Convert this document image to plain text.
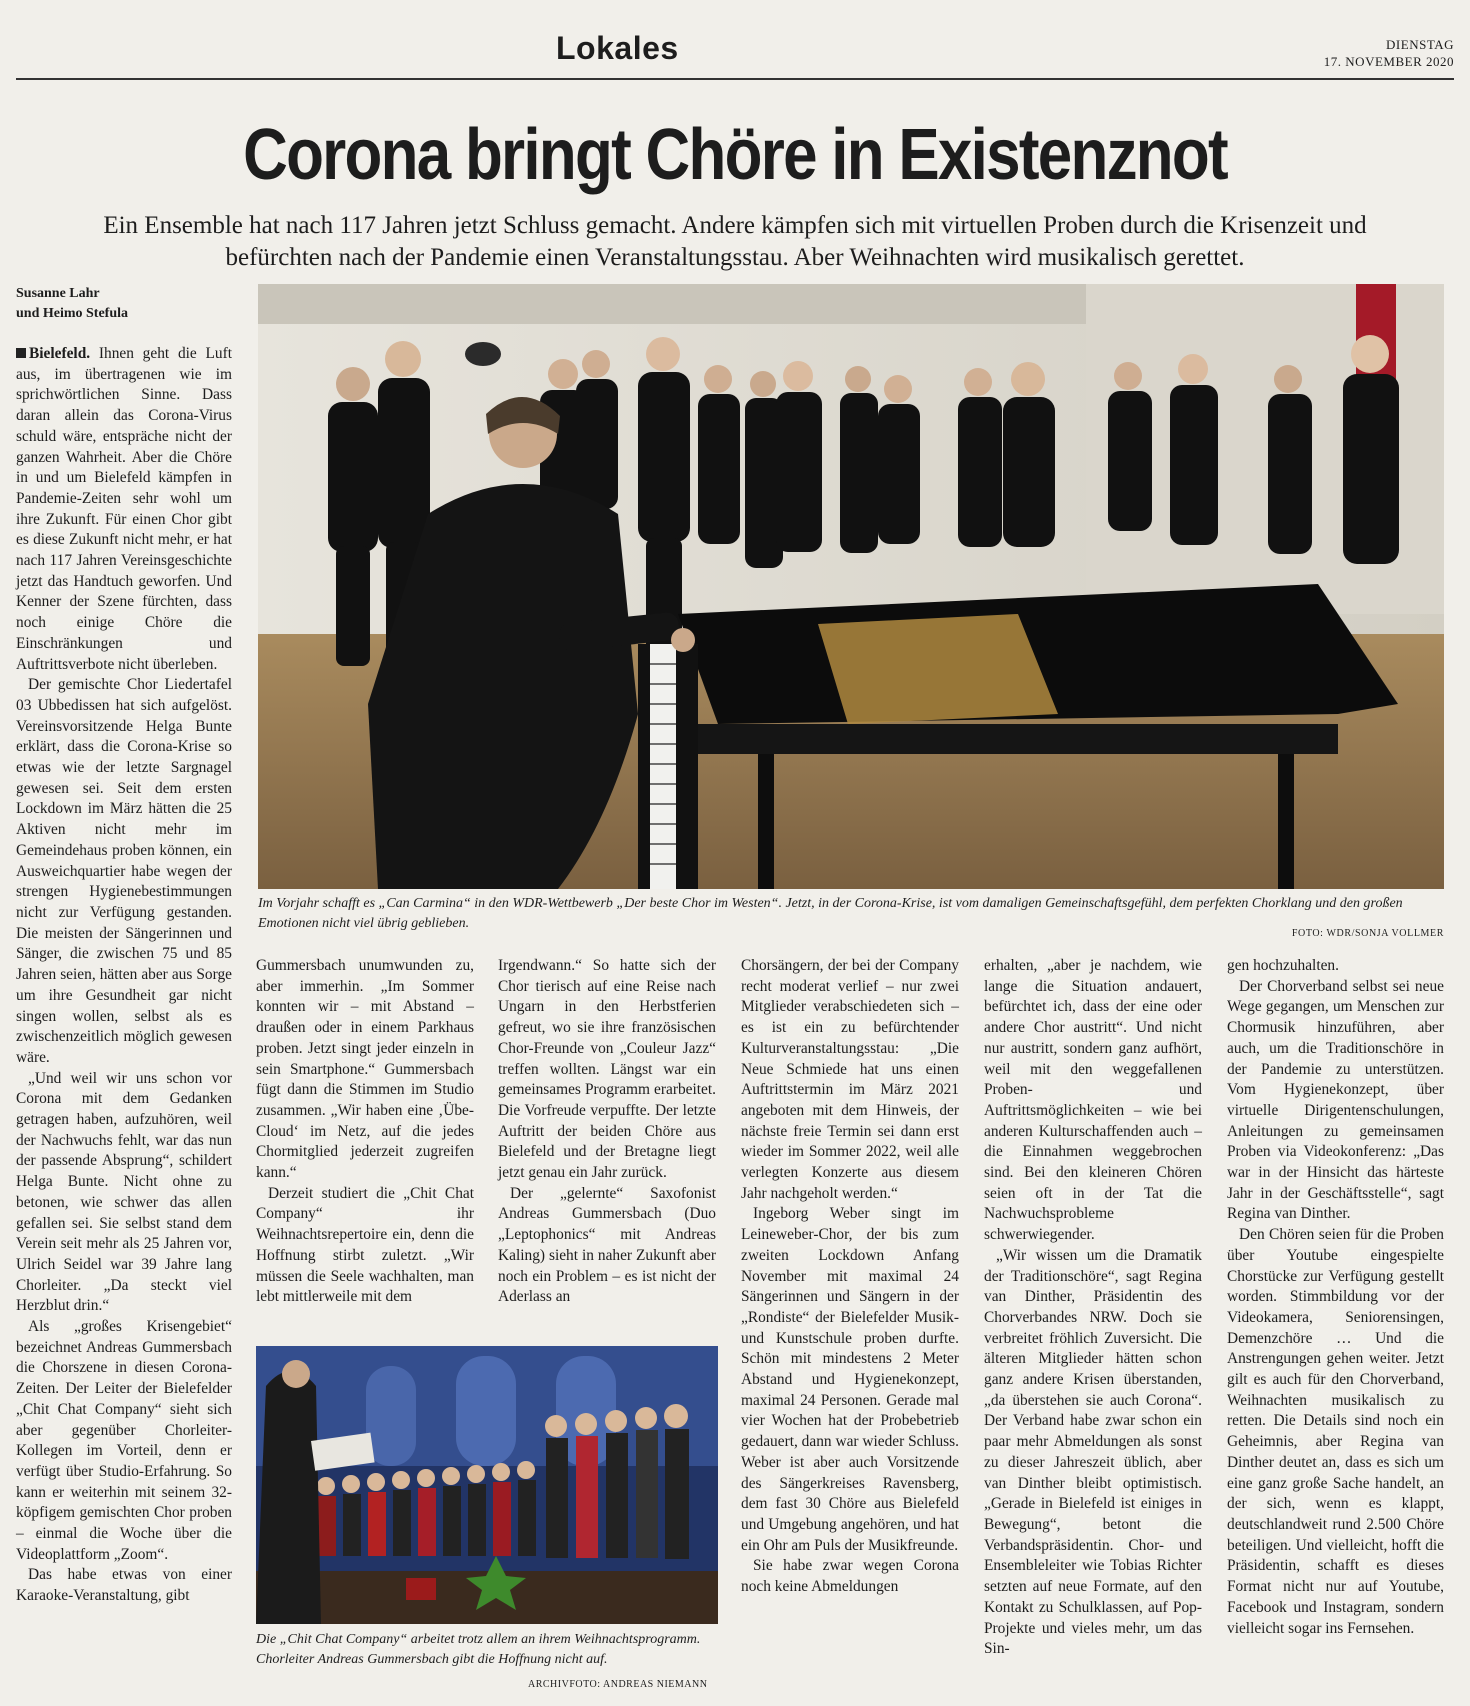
Lokales	DIENSTAG
17. NOVEMBER 2020
Corona bringt Chöre in Existenznot
Ein Ensemble hat nach 117 Jahren jetzt Schluss gemacht. Andere kämpfen sich mit virtuellen Proben durch die Krisenzeit und
befürchten nach der Pandemie einen Veranstaltungsstau. Aber Weihnachten wird musikalisch gerettet.
Susanne Lahr
und Heimo Stefula
Im Vorjahr schafft es „Can Carmina“ in den WDR-Wettbewerb „Der beste Chor im Westen“. Jetzt, in der Corona-Krise, ist vom damaligen Gemeinschaftsgefühl, dem perfekten Chorklang und den großen Emotionen nicht viel übrig geblieben.
FOTO: WDR/SONJA VOLLMER

Bielefeld. Ihnen geht die Luft aus, im übertragenen wie im sprichwörtlichen Sinne. Dass daran allein das Corona-Virus schuld wäre, entspräche nicht der ganzen Wahrheit. Aber die Chöre in und um Bielefeld kämpfen in Pandemie-Zeiten sehr wohl um ihre Zukunft. Für einen Chor gibt es diese Zukunft nicht mehr, er hat nach 117 Jahren Vereinsgeschichte jetzt das Handtuch geworfen. Und Kenner der Szene fürchten, dass noch einige Chöre die Einschränkungen und Auftrittsverbote nicht überleben.

Der gemischte Chor Liedertafel 03 Ubbedissen hat sich aufgelöst. Vereinsvorsitzende Helga Bunte erklärt, dass die Corona-Krise so etwas wie der letzte Sargnagel gewesen sei. Seit dem ersten Lockdown im März hätten die 25 Aktiven nicht mehr im Gemeindehaus proben können, ein Ausweichquartier habe wegen der strengen Hygienebestimmungen nicht zur Verfügung gestanden. Die meisten der Sängerinnen und Sänger, die zwischen 75 und 85 Jahren seien, hätten aber aus Sorge um ihre Gesundheit gar nicht singen wollen, selbst als es zwischenzeitlich möglich gewesen wäre.

„Und weil wir uns schon vor Corona mit dem Gedanken getragen haben, aufzuhören, weil der Nachwuchs fehlt, war das nun der passende Absprung“, schildert Helga Bunte. Nicht ohne zu betonen, wie schwer das allen gefallen sei. Sie selbst stand dem Verein seit mehr als 25 Jahren vor, Ulrich Seidel war 39 Jahre lang Chorleiter. „Da steckt viel Herzblut drin.“

Als „großes Krisengebiet“ bezeichnet Andreas Gummersbach die Chorszene in diesen Corona-Zeiten. Der Leiter der Bielefelder „Chit Chat Company“ sieht sich aber gegenüber Chorleiter-Kollegen im Vorteil, denn er verfügt über Studio-Erfahrung. So kann er weiterhin mit seinem 32-köpfigem gemischten Chor proben – einmal die Woche über die Videoplattform „Zoom“.

Das habe etwas von einer Karaoke-Veranstaltung, gibt

Gummersbach unumwunden zu, aber immerhin. „Im Sommer konnten wir – mit Abstand – draußen oder in einem Parkhaus proben. Jetzt singt jeder einzeln in sein Smartphone.“ Gummersbach fügt dann die Stimmen im Studio zusammen. „Wir haben eine ‚Übe-Cloud‘ im Netz, auf die jedes Chormitglied jederzeit zugreifen kann.“

Derzeit studiert die „Chit Chat Company“ ihr Weihnachtsrepertoire ein, denn die Hoffnung stirbt zuletzt. „Wir müssen die Seele wachhalten, man lebt mittlerweile mit dem

Irgendwann.“ So hatte sich der Chor tierisch auf eine Reise nach Ungarn in den Herbstferien gefreut, wo sie ihre französischen Chor-Freunde von „Couleur Jazz“ treffen wollten. Längst war ein gemeinsames Programm erarbeitet. Die Vorfreude verpuffte. Der letzte Auftritt der beiden Chöre aus Bielefeld und der Bretagne liegt jetzt genau ein Jahr zurück.

Der „gelernte“ Saxofonist Andreas Gummersbach (Duo „Leptophonics“ mit Andreas Kaling) sieht in naher Zukunft aber noch ein Problem – es ist nicht der Aderlass an

Die „Chit Chat Company“ arbeitet trotz allem an ihrem Weihnachtsprogramm. Chorleiter Andreas Gummersbach gibt die Hoffnung nicht auf.
ARCHIVFOTO: ANDREAS NIEMANN

Chorsängern, der bei der Company recht moderat verlief – nur zwei Mitglieder verabschiedeten sich – es ist ein zu befürchtender Kulturveranstaltungsstau: „Die Neue Schmiede hat uns einen Auftrittstermin im März 2021 angeboten mit dem Hinweis, der nächste freie Termin sei dann erst wieder im Sommer 2022, weil alle verlegten Konzerte aus diesem Jahr nachgeholt werden.“

Ingeborg Weber singt im Leineweber-Chor, der bis zum zweiten Lockdown Anfang November mit maximal 24 Sängerinnen und Sängern in der „Rondiste“ der Bielefelder Musik- und Kunstschule proben durfte. Schön mit mindestens 2 Meter Abstand und Hygienekonzept, maximal 24 Personen. Gerade mal vier Wochen hat der Probebetrieb gedauert, dann war wieder Schluss. Weber ist aber auch Vorsitzende des Sängerkreises Ravensberg, dem fast 30 Chöre aus Bielefeld und Umgebung angehören, und hat ein Ohr am Puls der Musikfreunde.

Sie habe zwar wegen Corona noch keine Abmeldungen

erhalten, „aber je nachdem, wie lange die Situation andauert, befürchtet ich, dass der eine oder andere Chor austritt“. Und nicht nur austritt, sondern ganz aufhört, weil mit den weggefallenen Proben- und Auftrittsmöglichkeiten – wie bei anderen Kulturschaffenden auch – die Einnahmen weggebrochen sind. Bei den kleineren Chören seien oft in der Tat die Nachwuchsprobleme schwerwiegender.

„Wir wissen um die Dramatik der Traditionschöre“, sagt Regina van Dinther, Präsidentin des Chorverbandes NRW. Doch sie verbreitet fröhlich Zuversicht. Die älteren Mitglieder hätten schon ganz andere Krisen überstanden, „da überstehen sie auch Corona“. Der Verband habe zwar schon ein paar mehr Abmeldungen als sonst zu dieser Jahreszeit üblich, aber van Dinther bleibt optimistisch. „Gerade in Bielefeld ist einiges in Bewegung“, betont die Verbandspräsidentin. Chor- und Ensembleleiter wie Tobias Richter setzten auf neue Formate, auf den Kontakt zu Schulklassen, auf Pop-Projekte und vieles mehr, um das Sin-

gen hochzuhalten.

Der Chorverband selbst sei neue Wege gegangen, um Menschen zur Chormusik hinzuführen, aber auch, um die Traditionschöre in der Pandemie zu unterstützen. Vom Hygienekonzept, über virtuelle Dirigentenschulungen, Anleitungen zu gemeinsamen Proben via Videokonferenz: „Das war in der Hinsicht das härteste Jahr in der Geschäftsstelle“, sagt Regina van Dinther.

Den Chören seien für die Proben über Youtube eingespielte Chorstücke zur Verfügung gestellt worden. Stimmbildung vor der Videokamera, Seniorensingen, Demenzchöre … Und die Anstrengungen gehen weiter. Jetzt gilt es auch für den Chorverband, Weihnachten musikalisch zu retten. Die Details sind noch ein Geheimnis, aber Regina van Dinther deutet an, dass es sich um eine ganz große Sache handelt, an der sich, wenn es klappt, deutschlandweit rund 2.500 Chöre beteiligen. Und vielleicht, hofft die Präsidentin, schafft es dieses Format nicht nur auf Youtube, Facebook und Instagram, sondern vielleicht sogar ins Fernsehen.
